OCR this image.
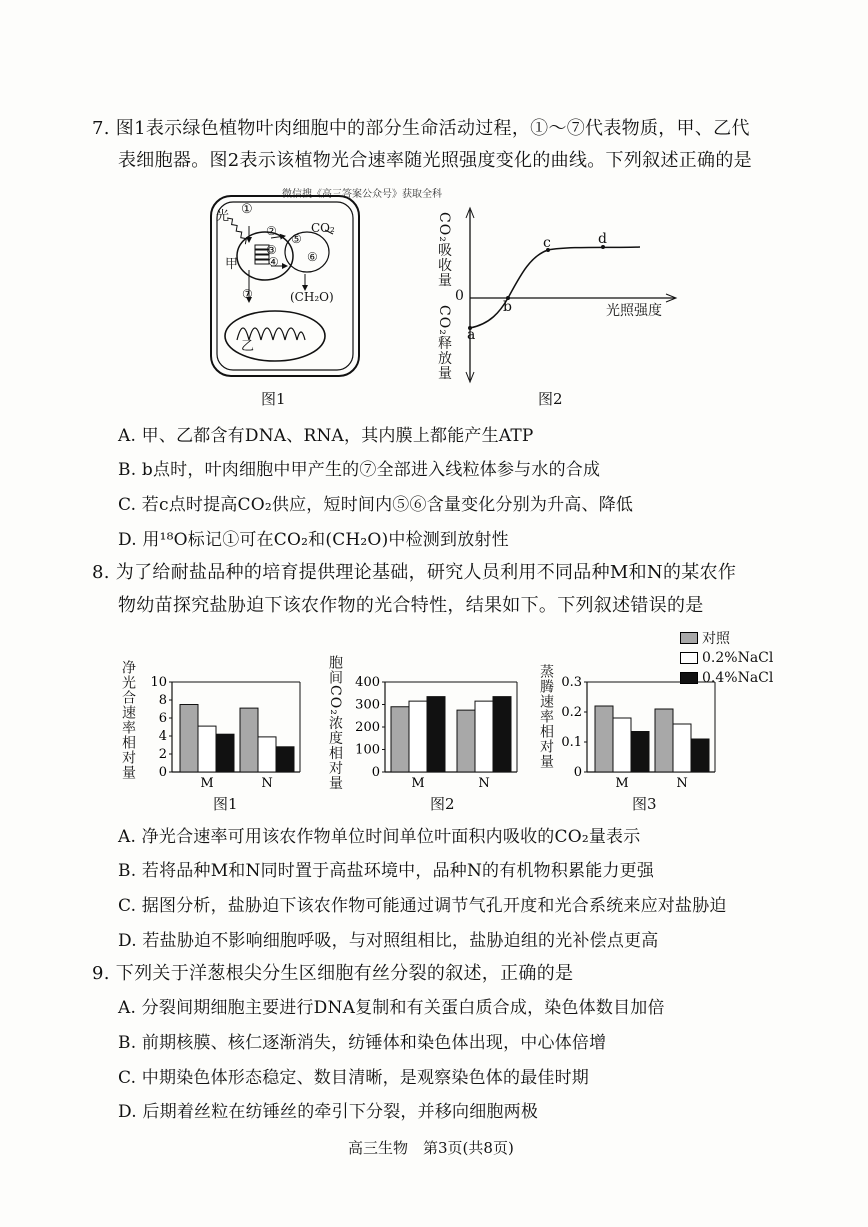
7. 图1表示绿色植物叶肉细胞中的部分生命活动过程，①～⑦代表物质，甲、乙代
表细胞器。图2表示该植物光合速率随光照强度变化的曲线。下列叙述正确的是
微信搜《高三答案公众号》获取全科
光 ①
②
③
④
⑤
⑥
⑦
CO₂
甲
(CH₂O)
乙
图1
CO₂吸收量
CO₂释放量
0
光照强度
a
b
c	d
图2
A. 甲、乙都含有DNA、RNA，其内膜上都能产生ATP
B. b点时，叶肉细胞中甲产生的⑦全部进入线粒体参与水的合成
C. 若c点时提高CO₂供应，短时间内⑤⑥含量变化分别为升高、降低
D. 用¹⁸O标记①可在CO₂和(CH₂O)中检测到放射性
8. 为了给耐盐品种的培育提供理论基础，研究人员利用不同品种M和N的某农作
物幼苗探究盐胁迫下该农作物的光合特性，结果如下。下列叙述错误的是
对照
0.2%NaCl
0.4%NaCl
净光合速率相对量	胞间CO₂浓度相对量	蒸腾速率相对量
0
2
4
6
8
10
M	N
0
100
200
300
400
M	N
0
0.1
0.2
0.3
M	N
图1	图2	图3
A. 净光合速率可用该农作物单位时间单位叶面积内吸收的CO₂量表示
B. 若将品种M和N同时置于高盐环境中，品种N的有机物积累能力更强
C. 据图分析，盐胁迫下该农作物可能通过调节气孔开度和光合系统来应对盐胁迫
D. 若盐胁迫不影响细胞呼吸，与对照组相比，盐胁迫组的光补偿点更高
9. 下列关于洋葱根尖分生区细胞有丝分裂的叙述，正确的是
A. 分裂间期细胞主要进行DNA复制和有关蛋白质合成，染色体数目加倍
B. 前期核膜、核仁逐渐消失，纺锤体和染色体出现，中心体倍增
C. 中期染色体形态稳定、数目清晰，是观察染色体的最佳时期
D. 后期着丝粒在纺锤丝的牵引下分裂，并移向细胞两极
高三生物　第3页(共8页)
